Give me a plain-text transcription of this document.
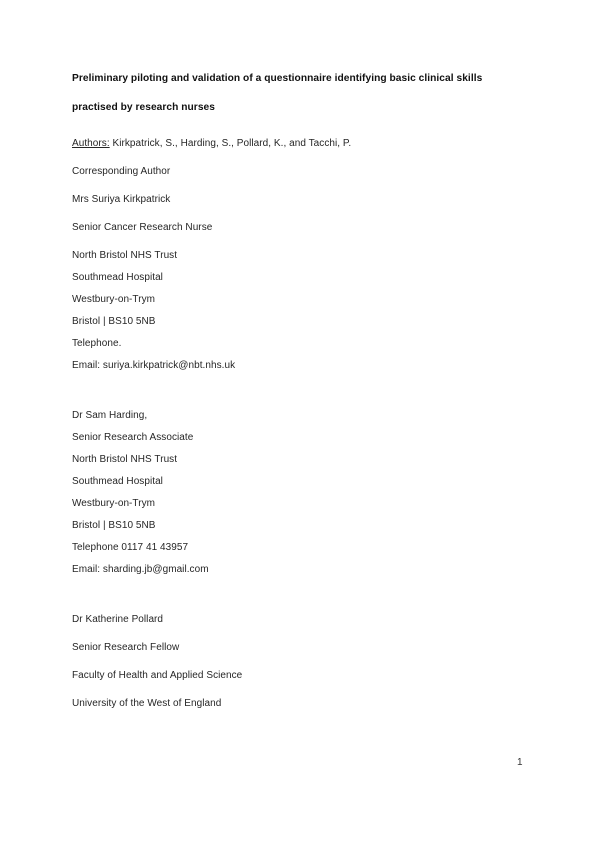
Preliminary piloting and validation of a questionnaire identifying basic clinical skills
practised by research nurses
Authors: Kirkpatrick, S., Harding, S., Pollard, K., and Tacchi, P.
Corresponding Author
Mrs Suriya Kirkpatrick
Senior Cancer Research Nurse
North Bristol NHS Trust
Southmead Hospital
Westbury-on-Trym
Bristol | BS10 5NB
Telephone.
Email: suriya.kirkpatrick@nbt.nhs.uk
Dr Sam Harding,
Senior Research Associate
North Bristol NHS Trust
Southmead Hospital
Westbury-on-Trym
Bristol | BS10 5NB
Telephone 0117 41 43957
Email: sharding.jb@gmail.com
Dr Katherine Pollard
Senior Research Fellow
Faculty of Health and Applied Science
University of the West of England
1
